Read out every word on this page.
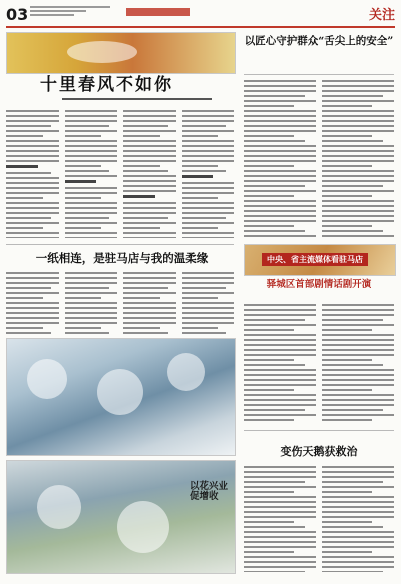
03	关注
十里春风不如你
以匠心守护群众“舌尖上的安全”
中央、省主流媒体看驻马店
一纸相连，是驻马店与我的温柔缘
驿城区首部剧情话剧开演
以花兴业 促增收
变伤天鹅获救治
